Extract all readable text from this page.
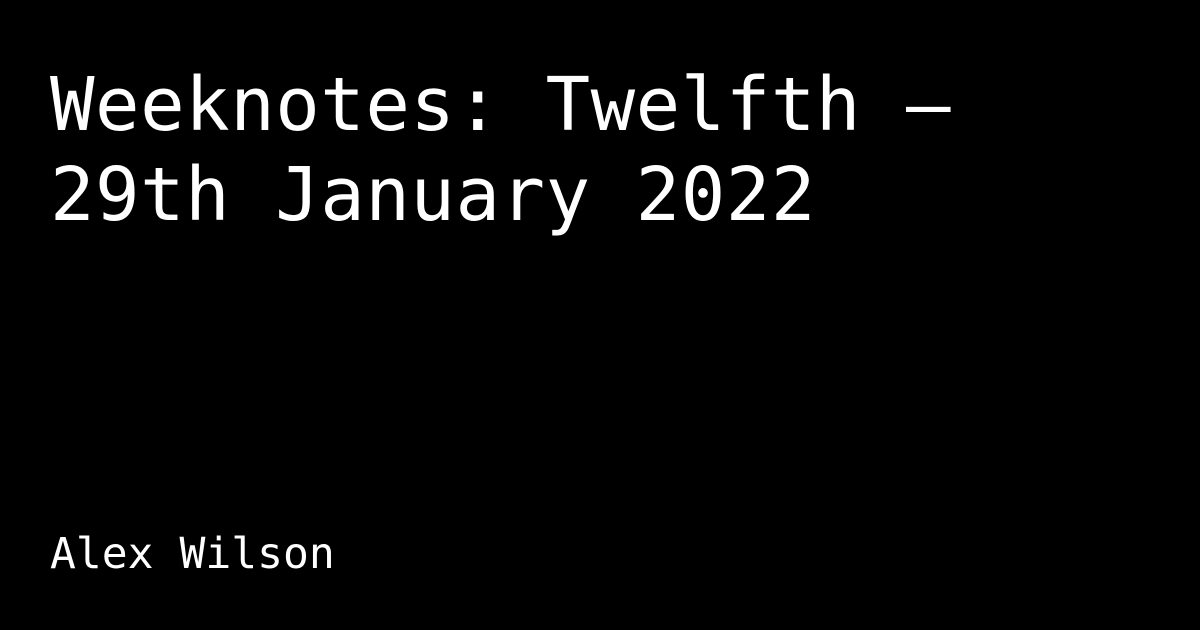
Weeknotes: Twelfth —
29th January 2022

Alex Wilson
